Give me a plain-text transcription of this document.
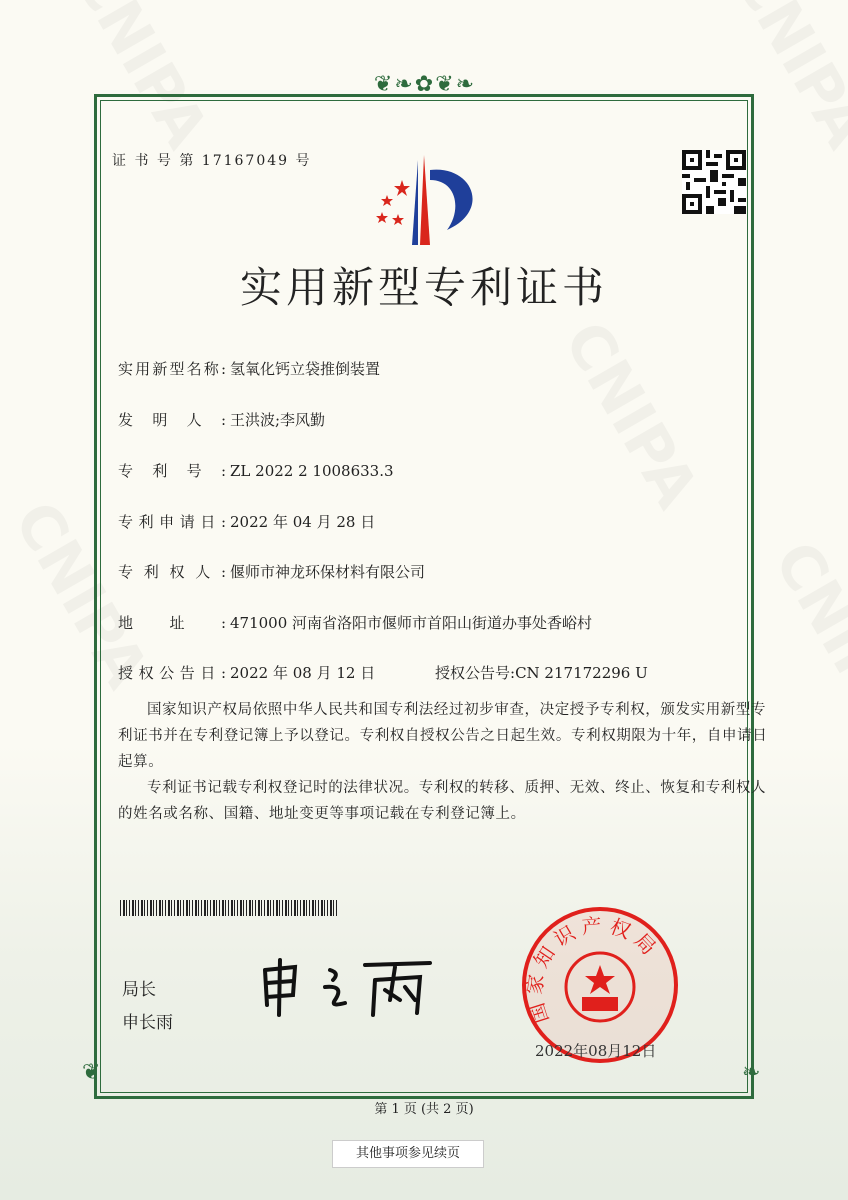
❦❧✿❦❧
❦	❧
证 书 号 第 17167049 号
实用新型专利证书
实用新型名称: 氢氧化钙立袋推倒装置
发明人: 王洪波;李风勤
专利号: ZL 2022 2 1008633.3
专利申请日: 2022 年 04 月 28 日
专利权人: 偃师市神龙环保材料有限公司
地址: 471000 河南省洛阳市偃师市首阳山街道办事处香峪村
授权公告日: 2022 年 08 月 12 日	授权公告号:CN 217172296 U

国家知识产权局依照中华人民共和国专利法经过初步审查，决定授予专利权，颁发实用新型专利证书并在专利登记簿上予以登记。专利权自授权公告之日起生效。专利权期限为十年，自申请日起算。

专利证书记载专利权登记时的法律状况。专利权的转移、质押、无效、终止、恢复和专利权人的姓名或名称、国籍、地址变更等事项记载在专利登记簿上。

局长
申长雨	国家知识产权局
2022年08月12日
第 1 页 (共 2 页)
其他事项参见续页
